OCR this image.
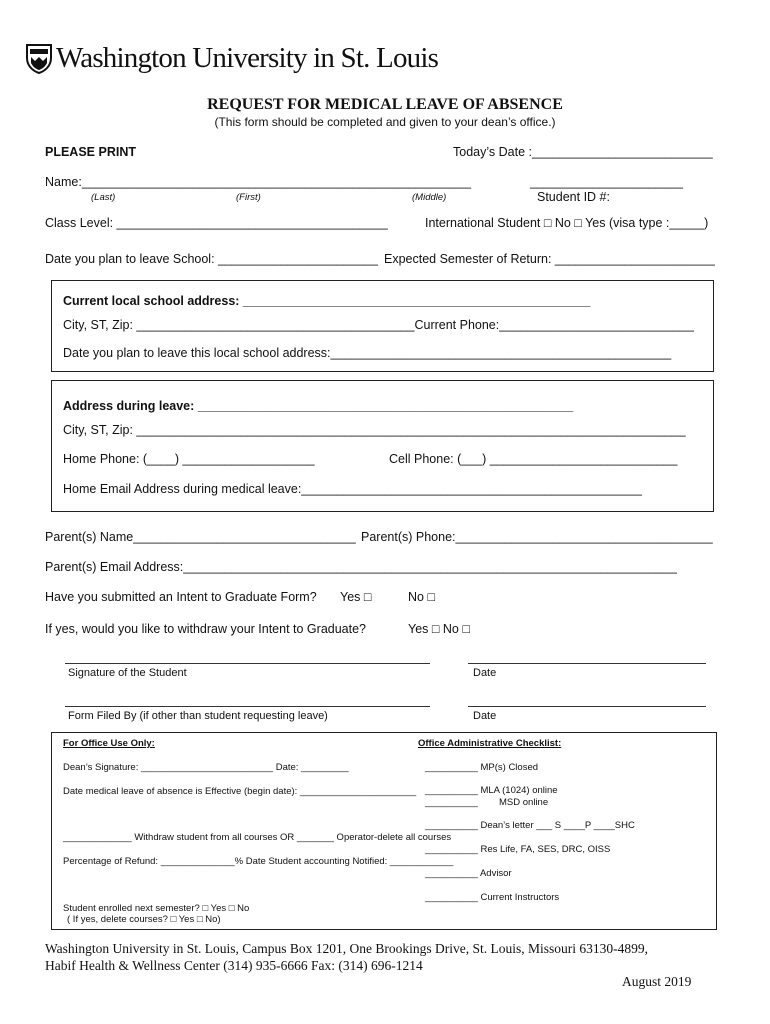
Washington University in St. Louis
REQUEST FOR MEDICAL LEAVE OF ABSENCE
(This form should be completed and given to your dean’s office.)
PLEASE PRINT	Today’s Date :__________________________
Name:________________________________________________________
(Last)	(First)	(Middle)
______________________
Student ID #:
Class Level: _______________________________________	International Student □ No □ Yes (visa type :_____)
Date you plan to leave School: _______________________ Expected Semester of Return: _______________________
Current local school address: __________________________________________________
City, ST, Zip: ________________________________________Current Phone:____________________________
Date you plan to leave this local school address:_________________________________________________
Address during leave: ______________________________________________________
City, ST, Zip: _______________________________________________________________________________
Home Phone: (____) ___________________	Cell Phone: (___) ___________________________
Home Email Address during medical leave:_________________________________________________
Parent(s) Name________________________________ Parent(s) Phone:_____________________________________
Parent(s) Email Address:_______________________________________________________________________
Have you submitted an Intent to Graduate Form? Yes □	No □
If yes, would you like to withdraw your Intent to Graduate?	Yes □ No □
Signature of the Student	Date
Form Filed By (if other than student requesting leave)	Date
For Office Use Only:
Dean’s Signature: _________________________ Date: _________
Date medical leave of absence is Effective (begin date): ______________________
_____________ Withdraw student from all courses OR _______ Operator-delete all courses
Percentage of Refund: ______________% Date Student accounting Notified: ____________
Student enrolled next semester? □ Yes □ No
( If yes, delete courses? □ Yes □ No)
Office Administrative Checklist:
__________ MP(s) Closed
__________ MLA (1024) online
__________ MSD online
__________ Dean’s letter ___ S ____P ____SHC
__________ Res Life, FA, SES, DRC, OISS
__________ Advisor
__________ Current Instructors
Washington University in St. Louis, Campus Box 1201, One Brookings Drive, St. Louis, Missouri 63130-4899,
Habif Health & Wellness Center (314) 935-6666 Fax: (314) 696-1214
August 2019
